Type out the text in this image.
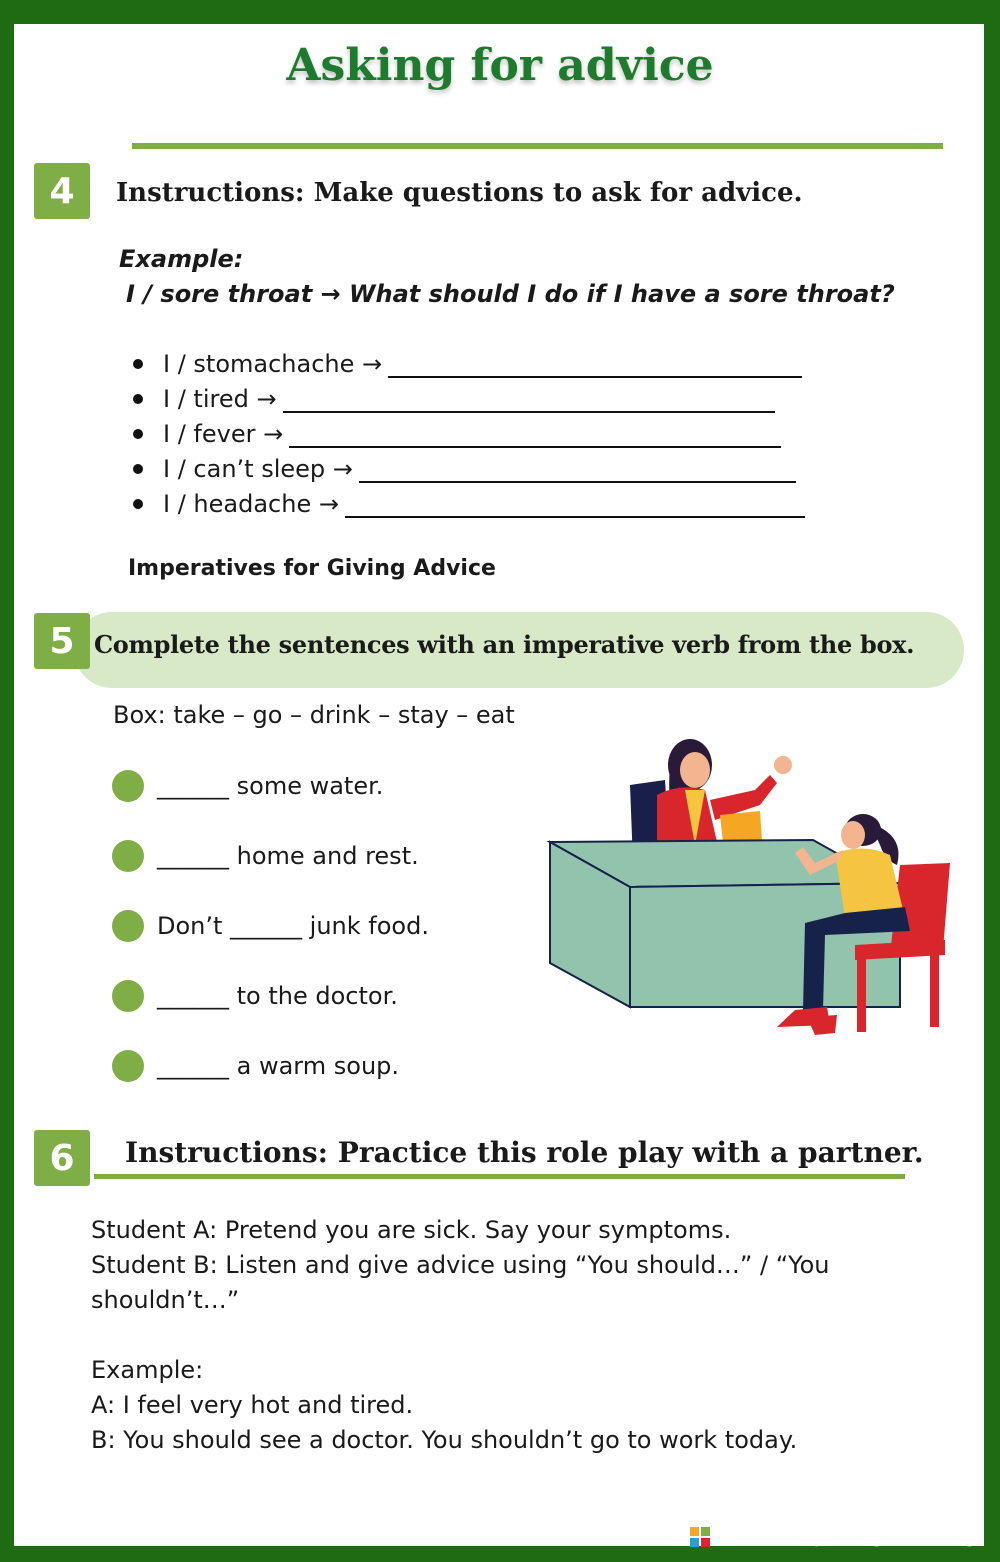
Asking for advice
4	Instructions: Make questions to ask for advice.
Example:
I / sore throat → What should I do if I have a sore throat?
I / stomachache →
I / tired →
I / fever →
I / can’t sleep →
I / headache →
Imperatives for Giving Advice
5 Complete the sentences with an imperative verb from the box.
Box: take – go – drink – stay – eat
______ some water.
______ home and rest.
Don’t ______ junk food.
______ to the doctor.
______ a warm soup.
6	Instructions: Practice this role play with a partner.
Student A: Pretend you are sick. Say your symptoms.
Student B: Listen and give advice using “You should…” / “You
shouldn’t…”
Example:
A: I feel very hot and tired.
B: You should see a doctor. You shouldn’t go to work today.
LIVEWORKSHEETS
